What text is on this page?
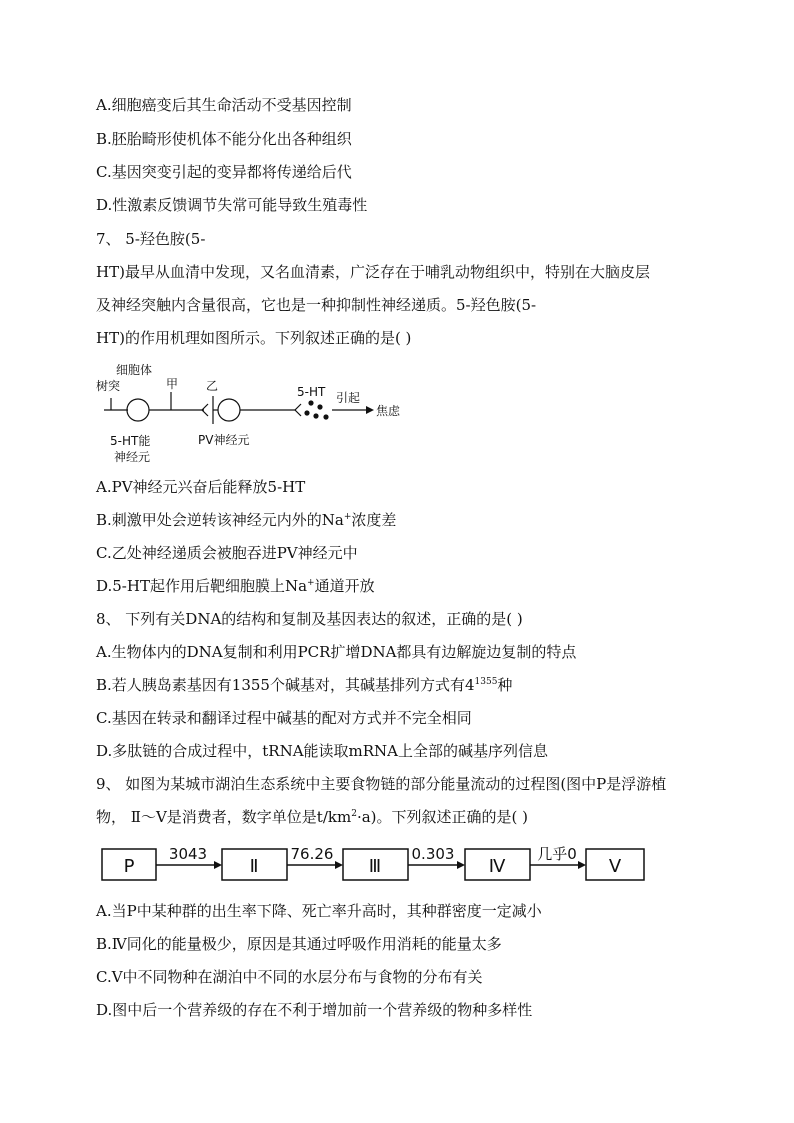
A.细胞癌变后其生命活动不受基因控制
B.胚胎畸形使机体不能分化出各种组织
C.基因突变引起的变异都将传递给后代
D.性激素反馈调节失常可能导致生殖毒性
7、 5-羟色胺(5-
HT)最早从血清中发现，又名血清素，广泛存在于哺乳动物组织中，特别在大脑皮层
及神经突触内含量很高，它也是一种抑制性神经递质。5-羟色胺(5-
HT)的作用机理如图所示。下列叙述正确的是( )
树突
细胞体
甲 乙	5-HT 引起
焦虑
5-HT能
神经元
PV神经元
A.PV神经元兴奋后能释放5-HT
B.刺激甲处会逆转该神经元内外的Na+浓度差
C.乙处神经递质会被胞吞进PV神经元中
D.5-HT起作用后靶细胞膜上Na+通道开放
8、 下列有关DNA的结构和复制及基因表达的叙述，正确的是( )
A.生物体内的DNA复制和利用PCR扩增DNA都具有边解旋边复制的特点
B.若人胰岛素基因有1355个碱基对，其碱基排列方式有$4^{1355}$种
C.基因在转录和翻译过程中碱基的配对方式并不完全相同
D.多肽链的合成过程中，tRNA能读取mRNA上全部的碱基序列信息
9、 如图为某城市湖泊生态系统中主要食物链的部分能量流动的过程图(图中P是浮游植
物， Ⅱ～Ⅴ是消费者，数字单位是$t/km^2\cdot a$)。下列叙述正确的是( )
P	Ⅱ	Ⅲ	Ⅳ	Ⅴ
3043	76.26	0.303	几乎0
A.当P中某种群的出生率下降、死亡率升高时，其种群密度一定减小
B.Ⅳ同化的能量极少，原因是其通过呼吸作用消耗的能量太多
C.Ⅴ中不同物种在湖泊中不同的水层分布与食物的分布有关
D.图中后一个营养级的存在不利于增加前一个营养级的物种多样性
